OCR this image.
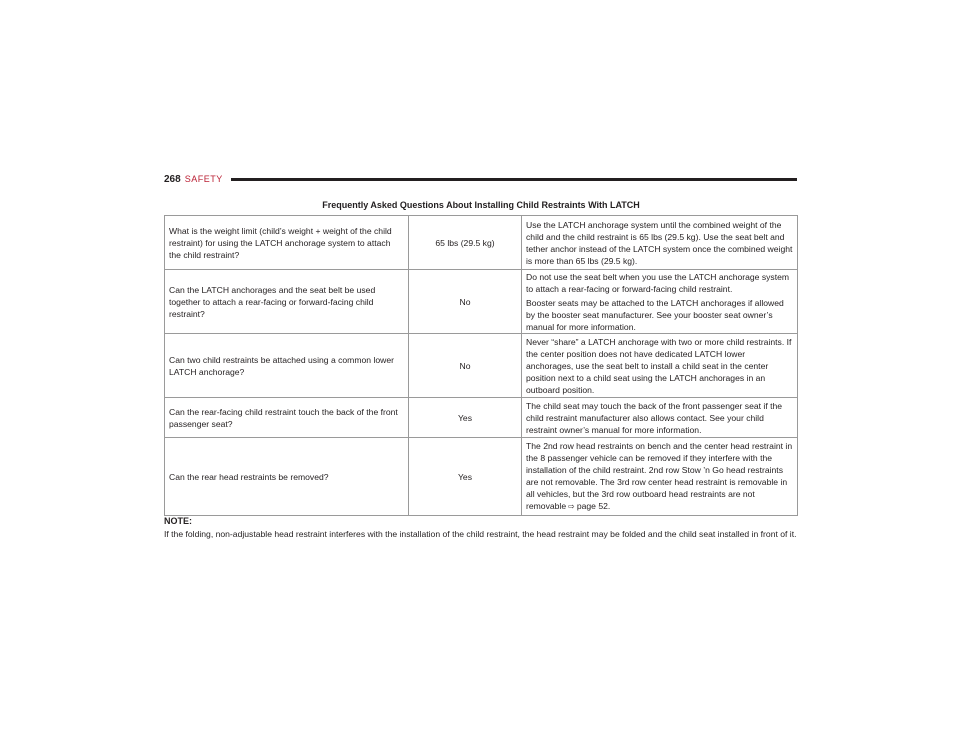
268 SAFETY
Frequently Asked Questions About Installing Child Restraints With LATCH		
What is the weight limit (child’s weight + weight of the child restraint) for using the LATCH anchorage system to attach the child restraint?	65 lbs (29.5 kg)	Use the LATCH anchorage system until the combined weight of the child and the child restraint is 65 lbs (29.5 kg). Use the seat belt and tether anchor instead of the LATCH system once the combined weight is more than 65 lbs (29.5 kg).

Can the LATCH anchorages and the seat belt be used together to attach a rear-facing or forward-facing child restraint?	No	Do not use the seat belt when you use the LATCH anchorage system to attach a rear-facing or forward-facing child restraint.

Booster seats may be attached to the LATCH anchorages if allowed by the booster seat manufacturer. See your booster seat owner’s manual for more information.

Can two child restraints be attached using a common lower LATCH anchorage?	No	Never “share” a LATCH anchorage with two or more child restraints. If the center position does not have dedicated LATCH lower anchorages, use the seat belt to install a child seat in the center position next to a child seat using the LATCH anchorages in an outboard position.

Can the rear-facing child restraint touch the back of the front passenger seat?	Yes	The child seat may touch the back of the front passenger seat if the child restraint manufacturer also allows contact. See your child restraint owner’s manual for more information.

Can the rear head restraints be removed?	Yes	The 2nd row head restraints on bench and the center head restraint in the 8 passenger vehicle can be removed if they interfere with the installation of the child restraint. 2nd row Stow ’n Go head restraints are not removable. The 3rd row center head restraint is removable in all vehicles, but the 3rd row outboard head restraints are not removable ⇨ page 52.

NOTE:
If the folding, non-adjustable head restraint interferes with the installation of the child restraint, the head restraint may be folded and the child seat installed in front of it.
